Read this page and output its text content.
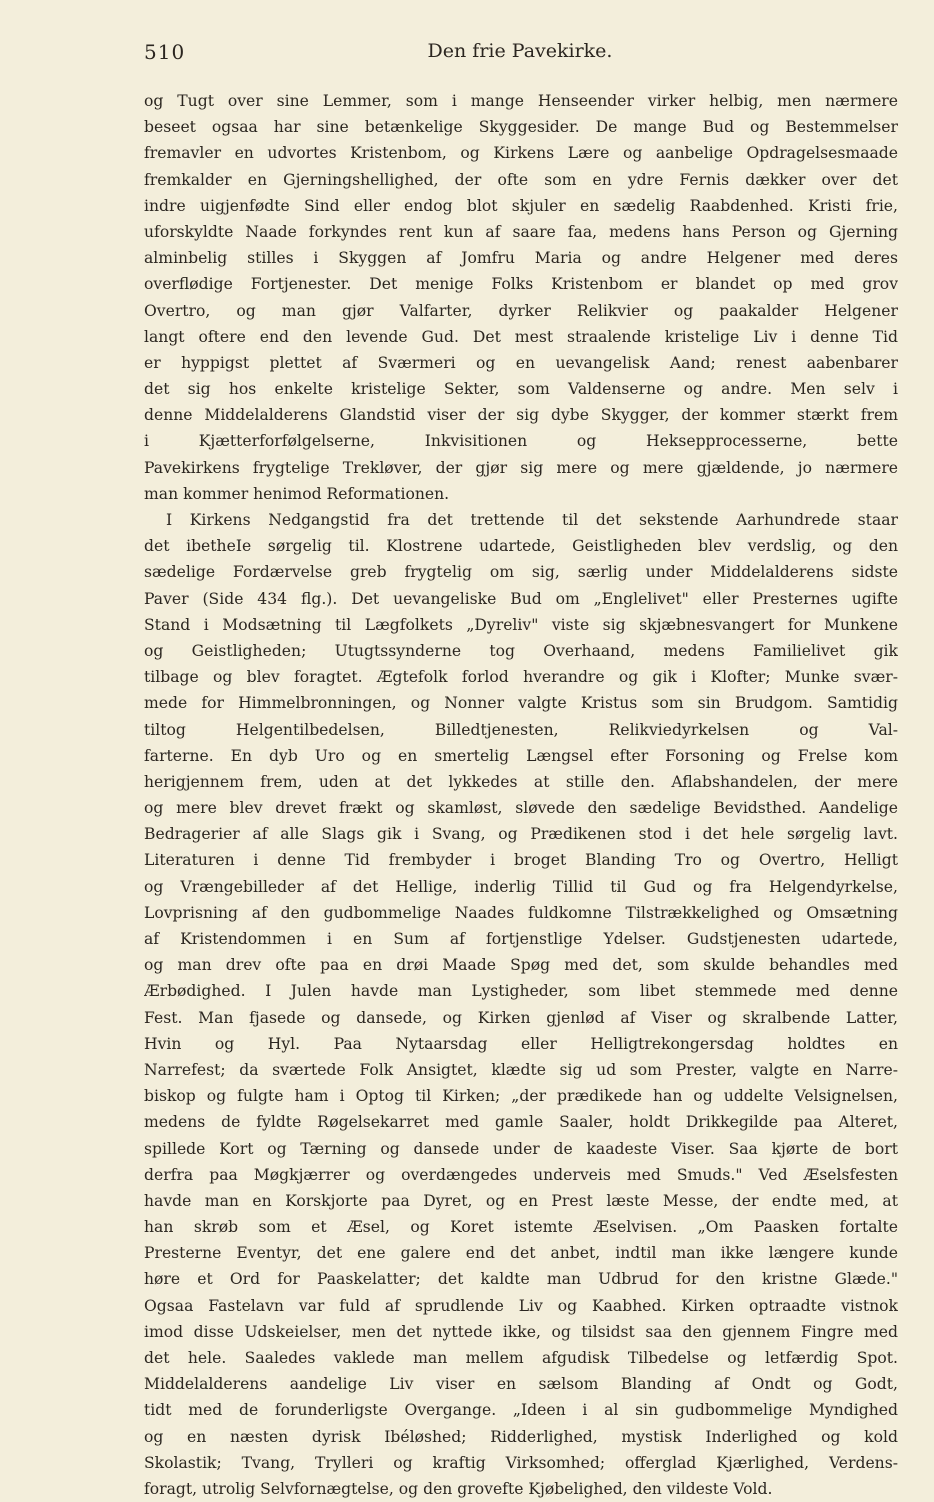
510	Den frie Pavekirke.
og Tugt over sine Lemmer, som i mange Henseender virker helbig, men nærmere
beseet ogsaa har sine betænkelige Skyggesider. De mange Bud og Bestemmelser
fremavler en udvortes Kristenbom, og Kirkens Lære og aanbelige Opdragelsesmaade
fremkalder en Gjerningshellighed, der ofte som en ydre Fernis dækker over det
indre uigjenfødte Sind eller endog blot skjuler en sædelig Raabdenhed. Kristi frie,
uforskyldte Naade forkyndes rent kun af saare faa, medens hans Person og Gjerning
alminbelig stilles i Skyggen af Jomfru Maria og andre Helgener med deres
overflødige Fortjenester. Det menige Folks Kristenbom er blandet op med grov
Overtro, og man gjør Valfarter, dyrker Relikvier og paakalder Helgener
langt oftere end den levende Gud. Det mest straalende kristelige Liv i denne Tid
er hyppigst plettet af Sværmeri og en uevangelisk Aand; renest aabenbarer
det sig hos enkelte kristelige Sekter, som Valdenserne og andre. Men selv i
denne Middelalderens Glandstid viser der sig dybe Skygger, der kommer stærkt frem
i Kjætterforfølgelserne, Inkvisitionen og Heksepprocesserne, bette
Pavekirkens frygtelige Trekløver, der gjør sig mere og mere gjældende, jo nærmere
man kommer henimod Reformationen.
I Kirkens Nedgangstid fra det trettende til det sekstende Aarhundrede staar
det ibetheIe sørgelig til. Klostrene udartede, Geistligheden blev verdslig, og den
sædelige Fordærvelse greb frygtelig om sig, særlig under Middelalderens sidste
Paver (Side 434 flg.). Det uevangeliske Bud om „Englelivet" eller Presternes ugifte
Stand i Modsætning til Lægfolkets „Dyreliv" viste sig skjæbnesvangert for Munkene
og Geistligheden; Utugtssynderne tog Overhaand, medens Familielivet gik
tilbage og blev foragtet. Ægtefolk forlod hverandre og gik i Klofter; Munke svær-
mede for Himmelbronningen, og Nonner valgte Kristus som sin Brudgom. Samtidig
tiltog Helgentilbedelsen, Billedtjenesten, Relikviedyrkelsen og Val-
farterne. En dyb Uro og en smertelig Længsel efter Forsoning og Frelse kom
herigjennem frem, uden at det lykkedes at stille den. Aflabshandelen, der mere
og mere blev drevet frækt og skamløst, sløvede den sædelige Bevidsthed. Aandelige
Bedragerier af alle Slags gik i Svang, og Prædikenen stod i det hele sørgelig lavt.
Literaturen i denne Tid frembyder i broget Blanding Tro og Overtro, Helligt
og Vrængebilleder af det Hellige, inderlig Tillid til Gud og fra Helgendyrkelse,
Lovprisning af den gudbommelige Naades fuldkomne Tilstrækkelighed og Omsætning
af Kristendommen i en Sum af fortjenstlige Ydelser. Gudstjenesten udartede,
og man drev ofte paa en drøi Maade Spøg med det, som skulde behandles med
Ærbødighed. I Julen havde man Lystigheder, som libet stemmede med denne
Fest. Man fjasede og dansede, og Kirken gjenlød af Viser og skralbende Latter,
Hvin og Hyl. Paa Nytaarsdag eller Helligtrekongersdag holdtes en
Narrefest; da sværtede Folk Ansigtet, klædte sig ud som Prester, valgte en Narre-
biskop og fulgte ham i Optog til Kirken; „der prædikede han og uddelte Velsignelsen,
medens de fyldte Røgelsekarret med gamle Saaler, holdt Drikkegilde paa Alteret,
spillede Kort og Tærning og dansede under de kaadeste Viser. Saa kjørte de bort
derfra paa Møgkjærrer og overdængedes underveis med Smuds." Ved Æselsfesten
havde man en Korskjorte paa Dyret, og en Prest læste Messe, der endte med, at
han skrøb som et Æsel, og Koret istemte Æselvisen. „Om Paasken fortalte
Presterne Eventyr, det ene galere end det anbet, indtil man ikke længere kunde
høre et Ord for Paaskelatter; det kaldte man Udbrud for den kristne Glæde."
Ogsaa Fastelavn var fuld af sprudlende Liv og Kaabhed. Kirken optraadte vistnok
imod disse Udskeielser, men det nyttede ikke, og tilsidst saa den gjennem Fingre med
det hele. Saaledes vaklede man mellem afgudisk Tilbedelse og letfærdig Spot.
Middelalderens aandelige Liv viser en sælsom Blanding af Ondt og Godt,
tidt med de forunderligste Overgange. „Ideen i al sin gudbommelige Myndighed
og en næsten dyrisk Ibéløshed; Ridderlighed, mystisk Inderlighed og kold
Skolastik; Tvang, Trylleri og kraftig Virksomhed; offerglad Kjærlighed, Verdens-
foragt, utrolig Selvfornægtelse, og den grovefte Kjøbelighed, den vildeste Vold.
